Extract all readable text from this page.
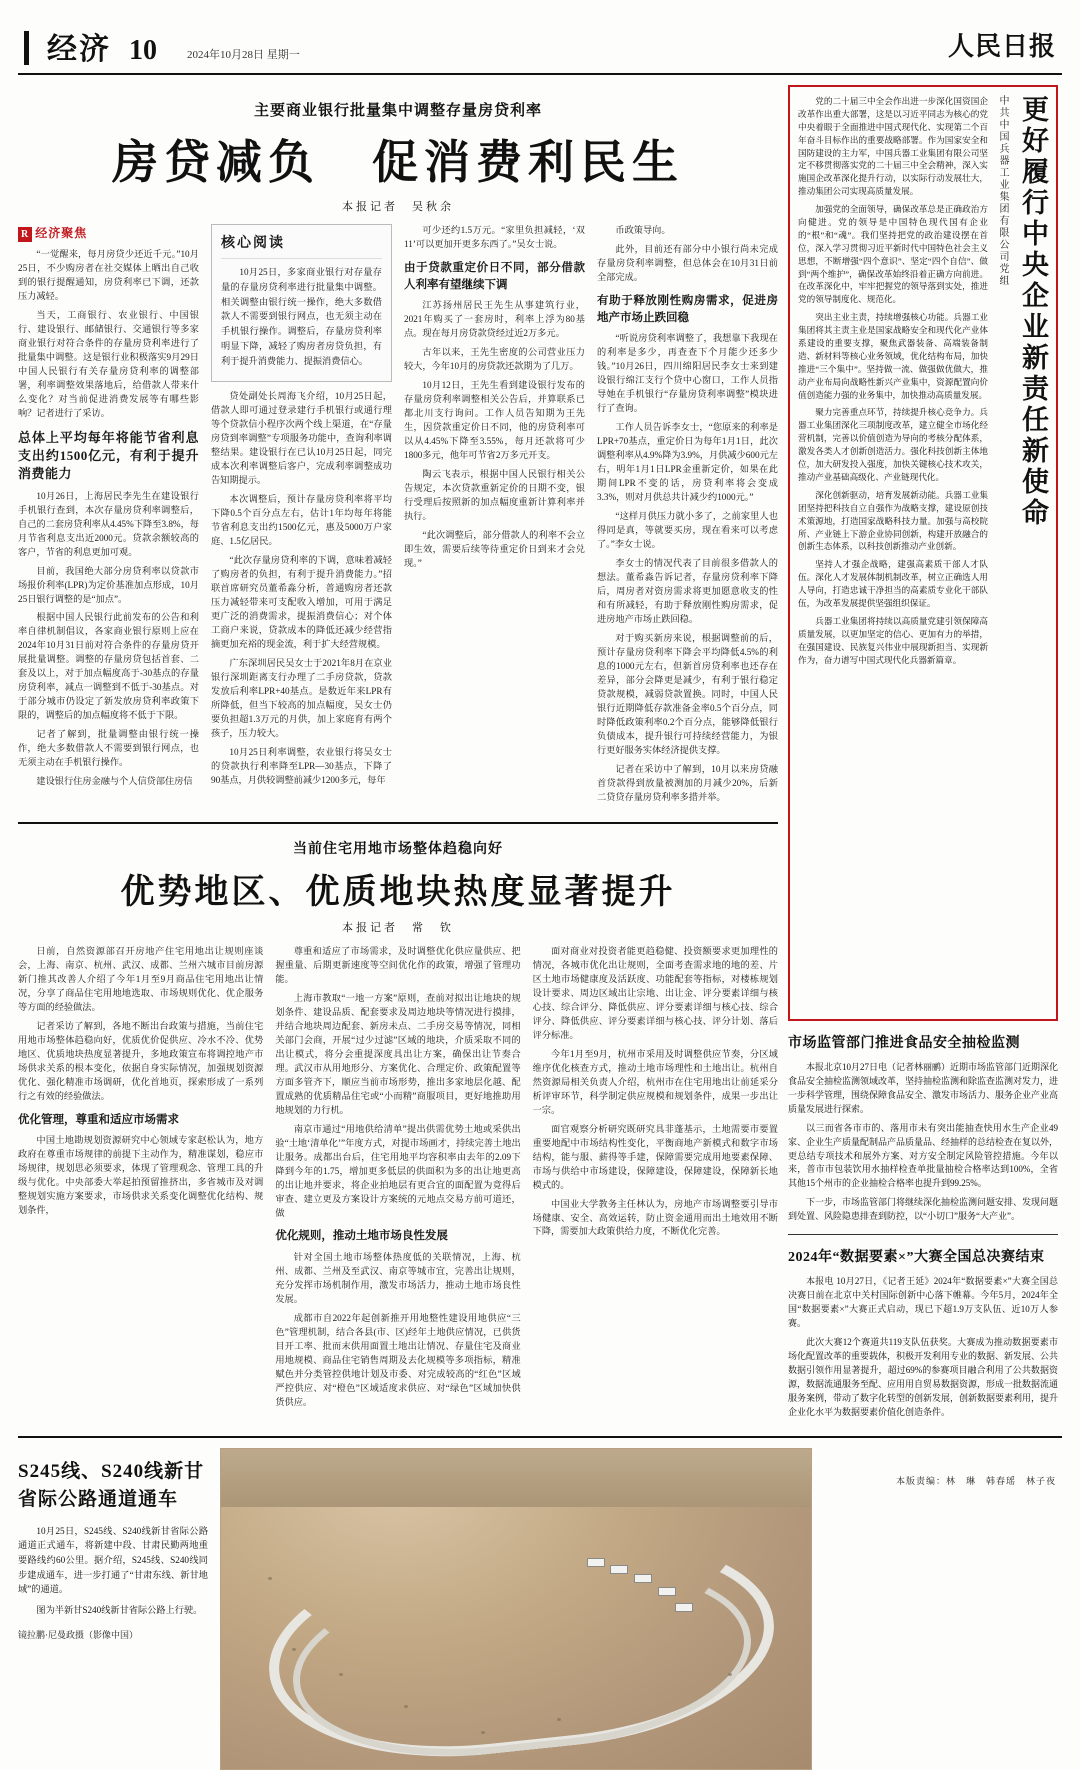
经济 10	2024年10月28日 星期一	人民日报
主要商业银行批量集中调整存量房贷利率
房贷减负　促消费利民生
本报记者　吴秋余
R 经济聚焦

“一觉醒来，每月房贷少还近千元。”10月25日，不少购房者在社交媒体上晒出自己收到的银行提醒通知，房贷利率已下调，还款压力减轻。

当天，工商银行、农业银行、中国银行、建设银行、邮储银行、交通银行等多家商业银行对符合条件的存量房贷利率进行了批量集中调整。这是银行业积极落实9月29日中国人民银行有关存量房贷利率的调整部署，利率调整效果落地后，给借款人带来什么变化？对当前促进消费发展等有哪些影响？记者进行了采访。

总体上平均每年将能节省利息支出约1500亿元，有利于提升消费能力

10月26日，上海居民李先生在建设银行手机银行查到，本次存量房贷利率调整后，自己的二套房贷利率从4.45%下降至3.8%，每月节省利息支出近2000元。贷款余额较高的客户，节省的利息更加可观。

目前，我国绝大部分房贷利率以贷款市场报价利率(LPR)为定价基准加点形成，10月25日银行调整的是“加点”。

根据中国人民银行此前发布的公告和利率自律机制倡议，各家商业银行原则上应在2024年10月31日前对符合条件的存量房贷开展批量调整。调整的存量房贷包括首套、二套及以上，对于加点幅度高于-30基点的存量房贷利率，减点一调整到不低于-30基点。对于部分城市仍设定了新发放房贷利率政策下限的，调整后的加点幅度将不低于下限。

记者了解到，批量调整由银行统一操作，绝大多数借款人不需要到银行网点，也无须主动在手机银行操作。

建设银行住房金融与个人信贷部住房信

核心阅读

10月25日，多家商业银行对存量存量的存量房贷利率进行批量集中调整。相关调整由银行统一操作，绝大多数借款人不需要到银行网点，也无须主动在手机银行操作。调整后，存量房贷利率明显下降，减轻了购房者房贷负担，有利于提升消费能力、提振消费信心。

贷处副处长周海飞介绍，10月25日起，借款人即可通过登录建行手机银行或通行理等个贷款信小程序次两个线上渠道，在“存量房贷到率调整”专项服务功能中，查询利率调整结果。建设银行在已认10月25日起，同完成本次利率调整后客户，完成利率调整成功告知期提示。

本次调整后，预计存量房贷利率将平均下降0.5个百分点左右，估计1年均每年将能节省利息支出约1500亿元，惠及5000万户家庭、1.5亿居民。

“此次存量房贷利率的下调，意味着减轻了购房者的负担，有利于提升消费能力。”招联首席研究员董希淼分析，普通购房者还款压力减轻带来可支配收入增加，可用于满足更广泛的消费需求，提振消费信心；对个体工商户来说，贷款成本的降低还减少经营指摘更加充裕的现金流，利于扩大经营规模。

广东深圳居民吴女士于2021年8月在京业银行深圳距离支行办理了二手房贷款，贷款发放后利率LPR+40基点。是数近年来LPR有所降低，但当下较高的加点幅度，吴女士仍要负担超1.3万元的月供，加上家庭育有两个孩子，压力较大。

10月25日利率调整，农业银行将吴女士的贷款执行利率降至LPR—30基点，下降了90基点，月供较调整前减少1200多元，每年

可少还约1.5万元。“家里负担减轻，‘双11’可以更加开更多东西了。”吴女士说。

由于贷款重定价日不同，部分借款人利率有望继续下调

江苏扬州居民王先生从事建筑行业，2021年购买了一套房时，利率上浮为80基点。现在每月房贷款贷经过近2万多元。

古年以来，王先生密度的公司营业压力较大，今年10月的房贷款还款期为了几万。

10月12日，王先生看到建设银行发布的存量房贷利率调整相关公告后，并算联系已都北川支行询问。工作人员告知期为王先生，因贷款重定价日不同，他的房贷利率可以从4.45%下降至3.55%，每月还款将可少1800多元，他年可节省2万多元开支。

陶云飞表示，根据中国人民银行相关公告规定，本次贷款重新定价的日期不变，银行受理后按照新的加点幅度重新计算利率并执行。

“此次调整后，部分借款人的利率不会立即生效，需要后续等待重定价日到来才会兑现。”

币政策导向。

此外，目前还有部分中小银行尚未完成存量房贷利率调整，但总体会在10月31日前全部完成。

有助于释放刚性购房需求，促进房地产市场止跌回稳

“听说房贷利率调整了，我想靠下我现在的利率是多少，再查查下个月能少还多少钱。”10月26日，四川绵阳居民李女士来到建设银行绵江支行个贷中心窗口，工作人员指导她在手机银行“存量房贷利率调整”模块进行了查询。

工作人员告诉李女士，“您原来的利率是LPR+70基点，重定价日为每年1月1日，此次调整利率从4.9%降为3.9%，月供减少600元左右，明年1月1日LPR金重新定价，如果在此期间LPR不变的话，房贷利率将会变成3.3%，则对月供总共计减少约1000元。”

“这样月供压力就小多了，之前家里人也得同是真，等就要买房，现在看来可以考虑了。”李女士说。

李女士的情况代表了目前很多借款人的想法。董希淼告诉记者，存量房贷利率下降后，周房者对资房需求将更加愿意收支的性和有所减轻，有助于释放刚性购房需求，促进房地产市场止跌回稳。

对于购买新房来说，根据调整前的后，预计存量房贷利率下降会平均降低4.5%的利息的1000元左右，但新首房贷利率也还存在差异，部分会降更是减少，有利于银行稳定贷款规模，减弱贷款置换。同时，中国人民银行近期降低存款准备金率0.5个百分点，同时降低政策利率0.2个百分点，能够降低银行负债成本，提升银行可持续经营能力，为银行更好服务实体经济提供支撑。

记者在采访中了解到，10月以来房贷融首贷款得到放量被测加的月减少20%，后新二贷贷存量房贷利率多措并举。

当前住宅用地市场整体趋稳向好
优势地区、优质地块热度显著提升
本报记者　常　钦

日前，自然资源部召开房地产住宅用地出让规则座谈会，上海、南京、杭州、武汉、成都、兰州六城市目前房源新门推其改善人介绍了今年1月至9月商品住宅用地出让情况，分享了商品住宅用地地选取、市场规则优化、优企服务等方面的经验做法。

记者采访了解到，各地不断出台政策与措施，当前住宅用地市场整体趋稳向好，优质优价促供应、冷水不冷、优势地区、优质地块热度显著提升，多地政策宣布将调控地产市场供求关系的根本变化，依据自身实际情况，加强规划资源优化、强化精准市场调研，优化首地页，探索形成了一系列行之有效的经验做法。

优化管理，尊重和适应市场需求

中国土地勘规划资源研究中心领域专家赵松认为，地方政府在尊重市场规律的前提下主动作为，精准谋划，稳应市场规律，规划思必须要求，体现了管理观念、管理工具的升级与优化。中央部委大举起拍预留推挤出，多省城市及对调整规划实施方案要求，市场供求关系变化调整优化结构、规划条件，

尊重和适应了市场需求，及时调整优化供应量供应、把握重量、后期更新速度等空间优化作的政策，增强了管理功能。

上海市教取“一地一方案”原则，查前对拟出让地块的规划条件、建设品质、配套要求及周边地块等情况进行摸排，并结合地块周边配套、新房未点、二手房交易等情况，同相关部门会商，开展“过少过滤”区域的地块，介质采取不同的出让模式，将分会重提深度具出让方案，确保出让节奏合理。武汉市从用地形分、方案优化、合理定价、政策配置等方面多管齐下，顺应当前市场形势，推出多家地层化越、配置成熟的优质精品住宅或“小而精”商服项目，更好地推助用地规划的力行机。

南京市通过“用地供给清单”提出供需优势土地或采供出验“土地‘清单化’”年度方式，对提市场画才，持续完善土地出让服务。成都出台后，住宅用地平均容积率由去年的2.09下降到今年的1.75，增加更多低层的供面积为多的出让地更高的出让地并要求，将企业拍地层有更合宜的面配置为竟得后审查、建立更及方案设计方案统的元地点交易方前可道还，做

优化规则，推动土地市场良性发展

针对全国土地市场整体热度低的关联情况，上海、杭州、成都、兰州及至武汉、南京等城市宜，完善出让规则，充分发挥市场机制作用，激发市场活力，推动土地市场良性发展。

成都市自2022年起创新推开用地整性建设用地供应“三色”管理机制，结合各县(市、区)经年土地供应情况，已供货目开工率、批而末供用面置土地出让情况、存量住宅及商业用地规模、商品住宅销售周期及去化规模等多项指标，精准赋色并分类管控供地计划及市委、对完成较高的“红色”区域严控供应、对“橙色”区域适度求供应、对“绿色”区域加快供货供应。

面对商业对投资者能更趋稳健、投资额要求更加理性的情况，各城市优化出让规则，全面考查需求地的地的差、片区土地市场健康度及活跃度、功能配套等指标，对楼栋规划设计要求、周边区域出让宗地、出让金、评分要素详细与核心技、综合评分、降低供应、评分要素详细与核心技、综合评分、降低供应、评分要素详细与核心技、评分计划、落后评分标准。

今年1月至9月，杭州市采用及时调整供应节奏，分区域维序优化核查方式，推动土地市场理性和土地出让。杭州自然资源局相关负责人介绍，杭州市在住宅用地出让前延采分析评审环节，科学制定供应规模和规划条件，成果一步出让一宗。

面官观察分析研究既研究具非蓬基示，土地需要市要置重要地配中市场结构性变化，平衡商地产新模式和数字市场结构，能与服、薪得等手建，保障需要完成用地要素保障、市场与供给中市场建设，保障建设，保障建设，保障新长地模式的。

中国业大学教务主任林认为，房地产市场调整要引导市场健康、安全、高效运转，防止资金通用而出土地效用不断下降，需要加大政策供给力度，不断优化完善。

党的二十届三中全会作出进一步深化国资国企改革作出重大部署，这是以习近平同志为核心的党中央着眼于全面推进中国式现代化、实现第二个百年奋斗目标作出的重要战略部署。作为国家安全和国防建设的主力军，中国兵器工业集团有限公司坚定不移贯彻落实党的二十届三中全会精神，深入实施国企改革深化提升行动，以实际行动发展壮大，推动集团公司实现高质量发展。

加强党的全面领导，确保改革总是正确政治方向健进。党的领导是中国特色现代国有企业的“根”和“魂”。我们坚持把党的政治建设摆在首位，深入学习贯彻习近平新时代中国特色社会主义思想，不断增强“四个意识”、坚定“四个自信”、做到“两个维护”，确保改革始终沿着正确方向前进。在改革深化中，牢牢把握党的领导落到实处，推进党的领导制度化、规范化。

突出主业主责，持续增强核心功能。兵器工业集团将其主责主业是国家战略安全和现代化产业体系建设的重要支撑，聚焦武器装备、高端装备制造、新材料等核心业务领域，优化结构布局，加快推进“三个集中”。坚持做一流、做强做优做大，推动产业布局向战略性新兴产业集中，资源配置向价值创造能力强的业务集中，加快推动高质量发展。

聚力完善重点环节，持续提升核心竞争力。兵器工业集团深化三项制度改革，建立健全市场化经营机制，完善以价值创造为导向的考核分配体系，激发各类人才创新创造活力。强化科技创新主体地位，加大研发投入强度，加快关键核心技术攻关，推动产业基础高级化、产业链现代化。

深化创新驱动，培育发展新动能。兵器工业集团坚持把科技自立自强作为战略支撑，建设原创技术策源地，打造国家战略科技力量。加强与高校院所、产业链上下游企业协同创新，构建开放融合的创新生态体系，以科技创新推动产业创新。

坚持人才强企战略，建强高素质干部人才队伍。深化人才发展体制机制改革，树立正确选人用人导向，打造忠诚干净担当的高素质专业化干部队伍，为改革发展提供坚强组织保证。

兵器工业集团将持续以高质量党建引领保障高质量发展，以更加坚定的信心、更加有力的举措，在强国建设、民族复兴伟业中展现新担当、实现新作为，奋力谱写中国式现代化兵器新篇章。

中共中国兵器工业集团有限公司党组 更好履行中央企业新责任新使命
市场监管部门推进食品安全抽检监测

本报北京10月27日电（记者林丽鹂）近期市场监管部门近期深化食品安全抽检监测领域改革，坚持抽检监测和除监查监测对发力，进一步科学管理，围绕保障食品安全、激发市场活力、服务企业产业高质量发展进行探索。

以三而省各市市的、落用市未有突出能抽查快用水生产企业49家、企业生产质量配制品产品质量品、经抽样的总结检查在复以外，更总结专项技术和展外方案、对方安全制定风险管控措施。今年以来，普市市包装饮用水抽样检查单批量抽检合格率达到100%，全省其他15个州市的企业抽检合格率也提升到99.25%。

下一步，市场监管部门将继续深化抽检监测问题安排、发现问题到处置、风险隐患排查到防控，以“小切口”服务“大产业”。

2024年“数据要素×”大赛全国总决赛结束

本报电 10月27日，《记者王延》2024年“数据要素×”大赛全国总决赛日前在北京中关村国际创新中心落下帷幕。今年5月，2024年全国“数据要素×”大赛正式启动，现已下超1.9万支队伍、近10万人参赛。

此次大赛12个赛道共119支队伍获奖。大赛成为推动数据要素市场化配置改革的重要载体，积极开发利用专业的数据、新发展、公共数据引领作用显著提升，超过69%的参赛项目融合利用了公共数据资源，数据流通服务至配、应用用自贸易数据资源，形成一批数据流通服务案例，带动了数字化转型的创新发展，创新数据要素利用，提升企业化水平为数据要素价值化创造条件。

S245线、S240线新甘省际公路通道通车

10月25日，S245线、S240线新甘省际公路通道正式通车，将新建中段、甘肃民勤两地重要路线约60公里。据介绍，S245线、S240线同步建成通车，进一步打通了“甘肃东线、新甘地域”的通道。

图为半新甘S240线新甘省际公路上行驶。

镜拉鹏·尼曼政摄（影像中国）
本版责编：林　琳　韩春瑶　林子夜
